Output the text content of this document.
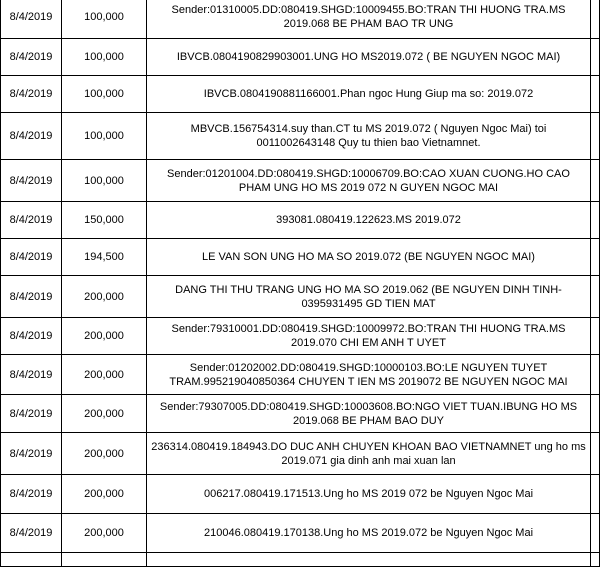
8/4/2019	100,000	Sender:01310005.DD:080419.SHGD:10009455.BO:TRAN THI HUONG TRA.MS 2019.068 BE PHAM BAO TR UNG	
8/4/2019	100,000	IBVCB.0804190829903001.UNG HO MS2019.072 ( BE NGUYEN NGOC MAI)	
8/4/2019	100,000	IBVCB.0804190881166001.Phan ngoc Hung Giup ma so: 2019.072	
8/4/2019	100,000	MBVCB.156754314.suy than.CT tu MS 2019.072 ( Nguyen Ngoc Mai) toi 0011002643148 Quy tu thien bao Vietnamnet.	
8/4/2019	100,000	Sender:01201004.DD:080419.SHGD:10006709.BO:CAO XUAN CUONG.HO CAO PHAM UNG HO MS 2019 072 N GUYEN NGOC MAI	
8/4/2019	150,000	393081.080419.122623.MS 2019.072	
8/4/2019	194,500	LE VAN SON UNG HO MA SO 2019.072 (BE NGUYEN NGOC MAI)	
8/4/2019	200,000	DANG THI THU TRANG UNG HO MA SO 2019.062 (BE NGUYEN DINH TINH- 0395931495 GD TIEN MAT	
8/4/2019	200,000	Sender:79310001.DD:080419.SHGD:10009972.BO:TRAN THI HUONG TRA.MS 2019.070 CHI EM ANH T UYET	
8/4/2019	200,000	Sender:01202002.DD:080419.SHGD:10000103.BO:LE NGUYEN TUYET TRAM.995219040850364 CHUYEN T IEN MS 2019072 BE NGUYEN NGOC MAI	
8/4/2019	200,000	Sender:79307005.DD:080419.SHGD:10003608.BO:NGO VIET TUAN.IBUNG HO MS 2019.068 BE PHAM BAO DUY	
8/4/2019	200,000	236314.080419.184943.DO DUC ANH CHUYEN KHOAN BAO VIETNAMNET ung ho ms 2019.071 gia dinh anh mai xuan lan	
8/4/2019	200,000	006217.080419.171513.Ung ho MS 2019 072 be Nguyen Ngoc Mai	
8/4/2019	200,000	210046.080419.170138.Ung ho MS 2019.072 be Nguyen Ngoc Mai	
